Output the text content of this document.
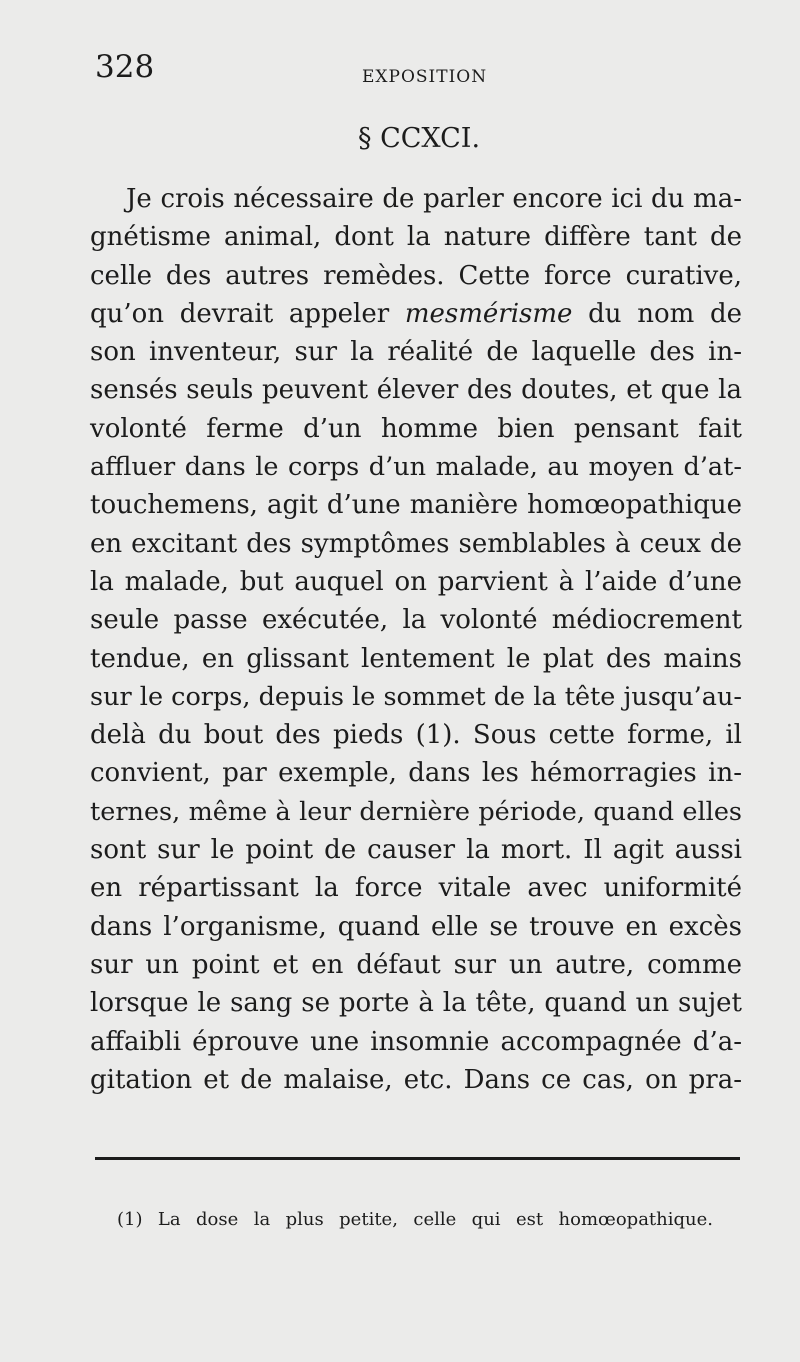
328	EXPOSITION
§ CCXCI.
Je crois nécessaire de parler encore ici du ma-
gnétisme animal, dont la nature diffère tant de
celle des autres remèdes. Cette force curative,
qu’on devrait appeler mesmérisme du nom de
son inventeur, sur la réalité de laquelle des in-
sensés seuls peuvent élever des doutes, et que la
volonté ferme d’un homme bien pensant fait
affluer dans le corps d’un malade, au moyen d’at-
touchemens, agit d’une manière homœopathique
en excitant des symptômes semblables à ceux de
la malade, but auquel on parvient à l’aide d’une
seule passe exécutée, la volonté médiocrement
tendue, en glissant lentement le plat des mains
sur le corps, depuis le sommet de la tête jusqu’au-
delà du bout des pieds (1). Sous cette forme, il
convient, par exemple, dans les hémorragies in-
ternes, même à leur dernière période, quand elles
sont sur le point de causer la mort. Il agit aussi
en répartissant la force vitale avec uniformité
dans l’organisme, quand elle se trouve en excès
sur un point et en défaut sur un autre, comme
lorsque le sang se porte à la tête, quand un sujet
affaibli éprouve une insomnie accompagnée d’a-
gitation et de malaise, etc. Dans ce cas, on pra-
(1) La dose la plus petite, celle qui est homœopathique.
